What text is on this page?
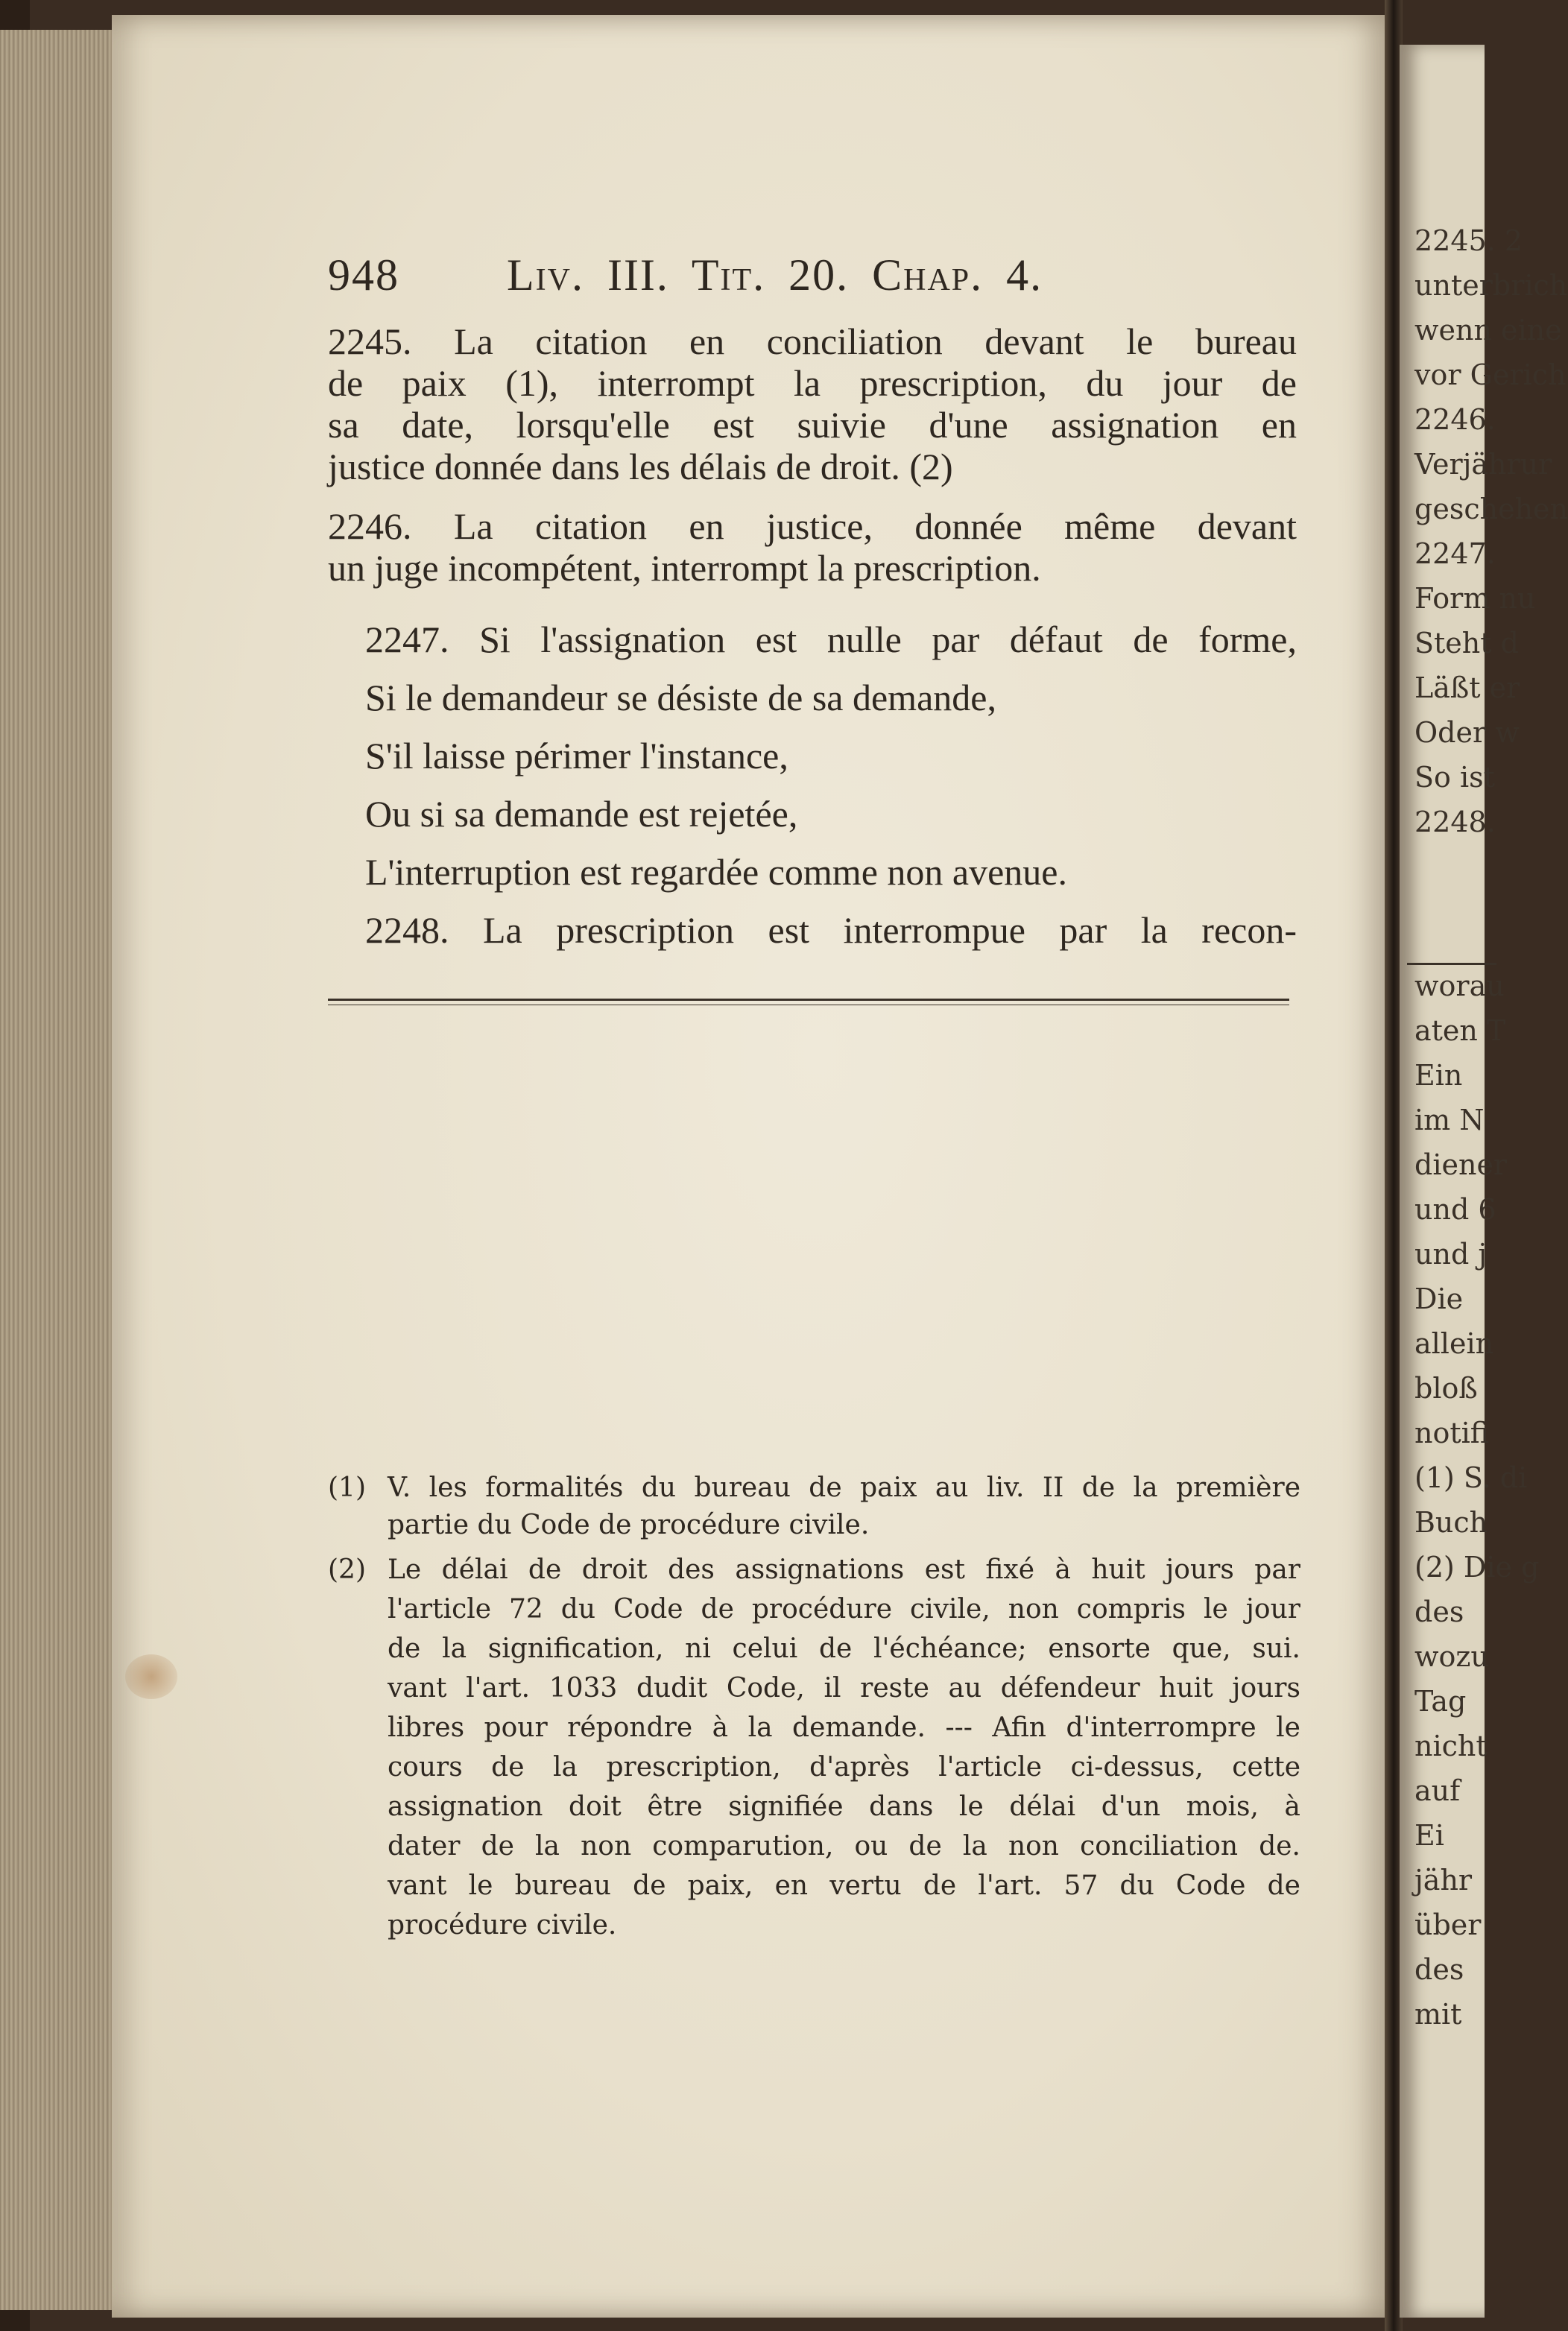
2245. 2
unterbrich
wenn eine
vor Gerich
2246.
Verjährur
geschehen
2247.
Form nu
Steht d
Läßt er
Oder w
So ist
2248.
worau
aten T
Ein
im N
diener
und 6
und j
Die
allein
bloß
notifi
(1) S. di
Buch
(2) Die g
des
wozu
Tag
nicht
auf
Ei
jähr
über
des
mit
948 Liv. III. Tit. 20. Chap. 4.
2245. La citation en conciliation devant le bureau
de paix (1), interrompt la prescription, du jour de
sa date, lorsqu'elle est suivie d'une assignation en
justice donnée dans les délais de droit. (2)
2246. La citation en justice, donnée même devant
un juge incompétent, interrompt la prescription.
2247. Si l'assignation est nulle par défaut de forme,
Si le demandeur se désiste de sa demande,
S'il laisse périmer l'instance,
Ou si sa demande est rejetée,
L'interruption est regardée comme non avenue.
2248. La prescription est interrompue par la recon-
(1) V. les formalités du bureau de paix au liv. II de la première
partie du Code de procédure civile.
(2) Le délai de droit des assignations est fixé à huit jours par
l'article 72 du Code de procédure civile, non compris le jour
de la signification, ni celui de l'échéance; ensorte que, sui.
vant l'art. 1033 dudit Code, il reste au défendeur huit jours
libres pour répondre à la demande. --- Afin d'interrompre le
cours de la prescription, d'après l'article ci-dessus, cette
assignation doit être signifiée dans le délai d'un mois, à
dater de la non comparution, ou de la non conciliation de.
vant le bureau de paix, en vertu de l'art. 57 du Code de
procédure civile.
